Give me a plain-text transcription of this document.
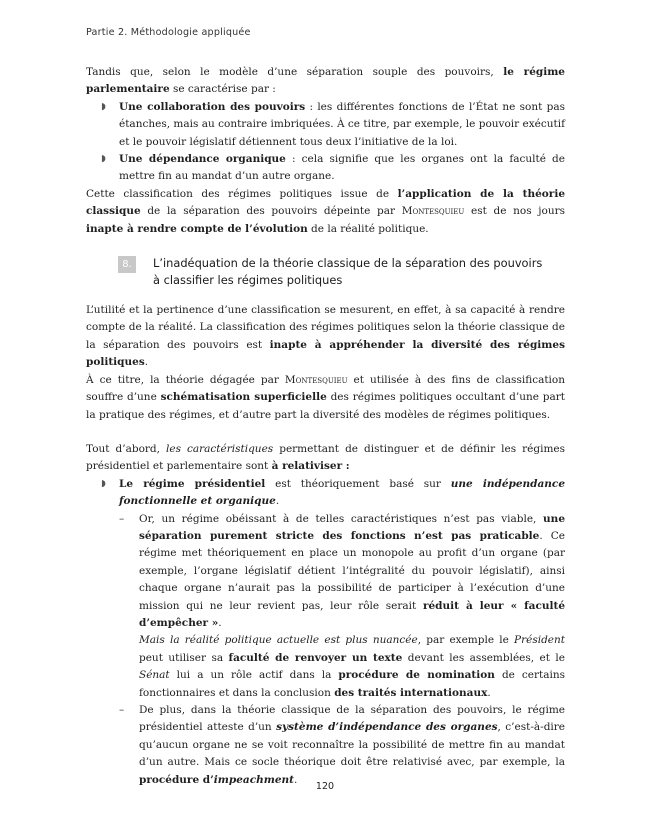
Partie 2. Méthodologie appliquée

Tandis que, selon le modèle d’une séparation souple des pouvoirs, le régime parlementaire se caractérise par :

◗ Une collaboration des pouvoirs : les différentes fonctions de l’État ne sont pas étanches, mais au contraire imbriquées. À ce titre, par exemple, le pouvoir exécutif et le pouvoir législatif détiennent tous deux l’initiative de la loi.
◗ Une dépendance organique : cela signifie que les organes ont la faculté de mettre fin au mandat d’un autre organe.

Cette classification des régimes politiques issue de l’application de la théorie classique de la séparation des pouvoirs dépeinte par Montesquieu est de nos jours inapte à rendre compte de l’évolution de la réalité politique.

8.	L’inadéquation de la théorie classique de la séparation des pouvoirs
à classifier les régimes politiques

L’utilité et la pertinence d’une classification se mesurent, en effet, à sa capacité à rendre compte de la réalité. La classification des régimes politiques selon la théorie classique de la séparation des pouvoirs est inapte à appréhender la diversité des régimes politiques.

À ce titre, la théorie dégagée par Montesquieu et utilisée à des fins de classification souffre d’une schématisation superficielle des régimes politiques occultant d’une part la pratique des régimes, et d’autre part la diversité des modèles de régimes politiques.

Tout d’abord, les caractéristiques permettant de distinguer et de définir les régimes présidentiel et parlementaire sont à relativiser :

◗ Le régime présidentiel est théoriquement basé sur une indépendance fonctionnelle et organique.
– Or, un régime obéissant à de telles caractéristiques n’est pas viable, une séparation purement stricte des fonctions n’est pas praticable. Ce régime met théoriquement en place un monopole au profit d’un organe (par exemple, l’organe législatif détient l’intégralité du pouvoir législatif), ainsi chaque organe n’aurait pas la possibilité de participer à l’exécution d’une mission qui ne leur revient pas, leur rôle serait réduit à leur « faculté d’empêcher ».
Mais la réalité politique actuelle est plus nuancée, par exemple le Président peut utiliser sa faculté de renvoyer un texte devant les assemblées, et le Sénat lui a un rôle actif dans la procédure de nomination de certains fonctionnaires et dans la conclusion des traités internationaux.
– De plus, dans la théorie classique de la séparation des pouvoirs, le régime présidentiel atteste d’un système d’indépendance des organes, c’est-à-dire qu’aucun organe ne se voit reconnaître la possibilité de mettre fin au mandat d’un autre. Mais ce socle théorique doit être relativisé avec, par exemple, la procédure d’impeachment.
120
